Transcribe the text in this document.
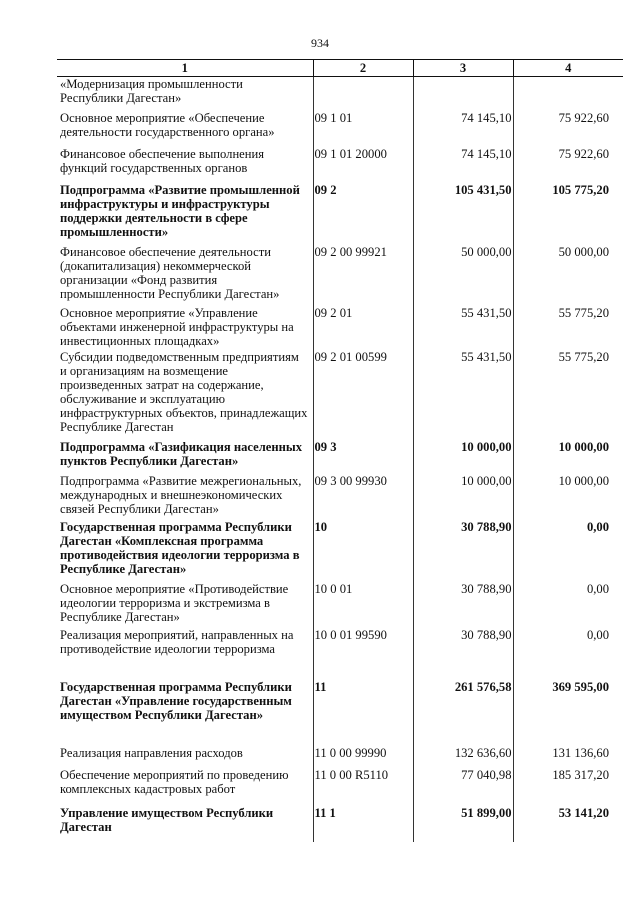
934
1	2	3	4
«Модернизация промышленности Республики Дагестан»			
Основное мероприятие «Обеспечение деятельности государственного органа»	09 1 01	74 145,10	75 922,60
Финансовое обеспечение выполнения функций государственных органов	09 1 01 20000	74 145,10	75 922,60
Подпрограмма «Развитие промышленной инфраструктуры и инфраструктуры поддержки деятельности в сфере промышленности»	09 2	105 431,50	105 775,20
Финансовое обеспечение деятельности (докапитализация) некоммерческой организации «Фонд развития промышленности Республики Дагестан»	09 2 00 99921	50 000,00	50 000,00
Основное мероприятие «Управление объектами инженерной инфраструктуры на инвестиционных площадках»	09 2 01	55 431,50	55 775,20
Субсидии подведомственным предприятиям и организациям на возмещение произведенных затрат на содержание, обслуживание и эксплуатацию инфраструктурных объектов, принадлежащих Республике Дагестан	09 2 01 00599	55 431,50	55 775,20
Подпрограмма «Газификация населенных пунктов Республики Дагестан»	09 3	10 000,00	10 000,00
Подпрограмма «Развитие межрегиональных, международных и внешнеэкономических связей Республики Дагестан»	09 3 00 99930	10 000,00	10 000,00
Государственная программа Республики Дагестан «Комплексная программа противодействия идеологии терроризма в Республике Дагестан»	10	30 788,90	0,00
Основное мероприятие «Противодействие идеологии терроризма и экстремизма в Республике Дагестан»	10 0 01	30 788,90	0,00
Реализация мероприятий, направленных на противодействие идеологии терроризма	10 0 01 99590	30 788,90	0,00
Государственная программа Республики Дагестан «Управление государственным имуществом Республики Дагестан»	11	261 576,58	369 595,00
Реализация направления расходов	11 0 00 99990	132 636,60	131 136,60
Обеспечение мероприятий по проведению комплексных кадастровых работ	11 0 00 R5110	77 040,98	185 317,20
Управление имуществом Республики Дагестан	11 1	51 899,00	53 141,20
